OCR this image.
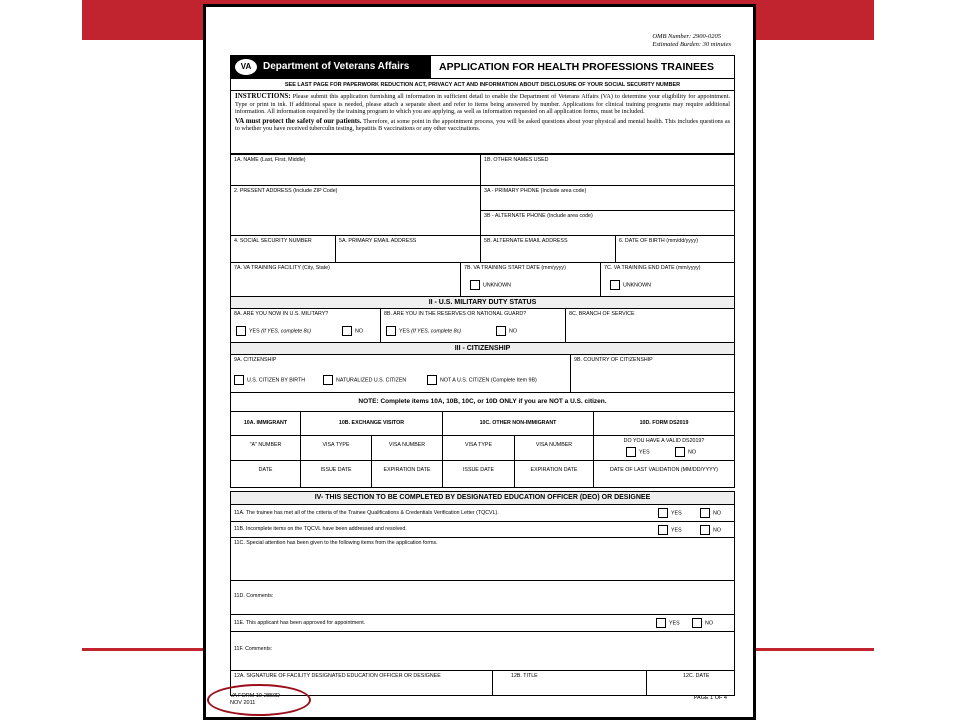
OMB Number: 2900-0205
Estimated Burden: 30 minutes
VA	Department of Veterans Affairs	APPLICATION FOR HEALTH PROFESSIONS TRAINEES
SEE LAST PAGE FOR PAPERWORK REDUCTION ACT, PRIVACY ACT AND INFORMATION ABOUT DISCLOSURE OF YOUR SOCIAL SECURITY NUMBER

INSTRUCTIONS: Please submit this application furnishing all information in sufficient detail to enable the Department of Veterans Affairs (VA) to determine your eligibility for appointment. Type or print in ink. If additional space is needed, please attach a separate sheet and refer to items being answered by number. Applications for clinical training programs may require additional information. All information required by the training program to which you are applying, as well as information requested on all application forms, must be included.

VA must protect the safety of our patients. Therefore, at some point in the appointment process, you will be asked questions about your physical and mental health. This includes questions as to whether you have received tuberculin testing, hepatitis B vaccinations or any other vaccinations.

1A. NAME (Last, First, Middle)	1B. OTHER NAMES USED
2. PRESENT ADDRESS (Include ZIP Code)	3A - PRIMARY PHONE (Include area code)
3B - ALTERNATE PHONE (Include area code)
4. SOCIAL SECURITY NUMBER	5A. PRIMARY EMAIL ADDRESS	5B. ALTERNATE EMAIL ADDRESS	6. DATE OF BIRTH (mm/dd/yyyy)
7A. VA TRAINING FACILITY (City, State)	7B. VA TRAINING START DATE (mm/yyyy)
UNKNOWN
7C. VA TRAINING END DATE (mm/yyyy)
UNKNOWN
II - U.S. MILITARY DUTY STATUS
8A. ARE YOU NOW IN U.S. MILITARY?
YES (If YES, complete 8c)	NO
8B. ARE YOU IN THE RESERVES OR NATIONAL GUARD?
YES (If YES, complete 8c)	NO
8C. BRANCH OF SERVICE
III - CITIZENSHIP
9A. CITIZENSHIP
U.S. CITIZEN BY BIRTH	NATURALIZED U.S. CITIZEN	NOT A U.S. CITIZEN (Complete Item 9B)
9B. COUNTRY OF CITIZENSHIP
NOTE: Complete items 10A, 10B, 10C, or 10D ONLY if you are NOT a U.S. citizen.
10A. IMMIGRANT	10B. EXCHANGE VISITOR	10C. OTHER NON-IMMIGRANT	10D. FORM DS2019
"A" NUMBER	VISA TYPE	VISA NUMBER	VISA TYPE	VISA NUMBER
DO YOU HAVE A VALID DS2019?
YES	NO
DATE	ISSUE DATE	EXPIRATION DATE	ISSUE DATE	EXPIRATION DATE	DATE OF LAST VALIDATION (MM/DD/YYYY)
IV- THIS SECTION TO BE COMPLETED BY DESIGNATED EDUCATION OFFICER (DEO) OR DESIGNEE
11A. The trainee has met all of the criteria of the Trainee Qualifications & Credentials Verification Letter (TQCVL).	YES	NO
11B. Incomplete items on the TQCVL have been addressed and resolved.	YES	NO
11C. Special attention has been given to the following items from the application forms.
11D. Comments:
11E. This applicant has been approved for appointment.	YES	NO
11F. Comments:
12A. SIGNATURE OF FACILITY DESIGNATED EDUCATION OFFICER OR DESIGNEE	12B. TITLE	12C. DATE
VA FORM 10-2850D
NOV 2011
PAGE 1 OF 4
